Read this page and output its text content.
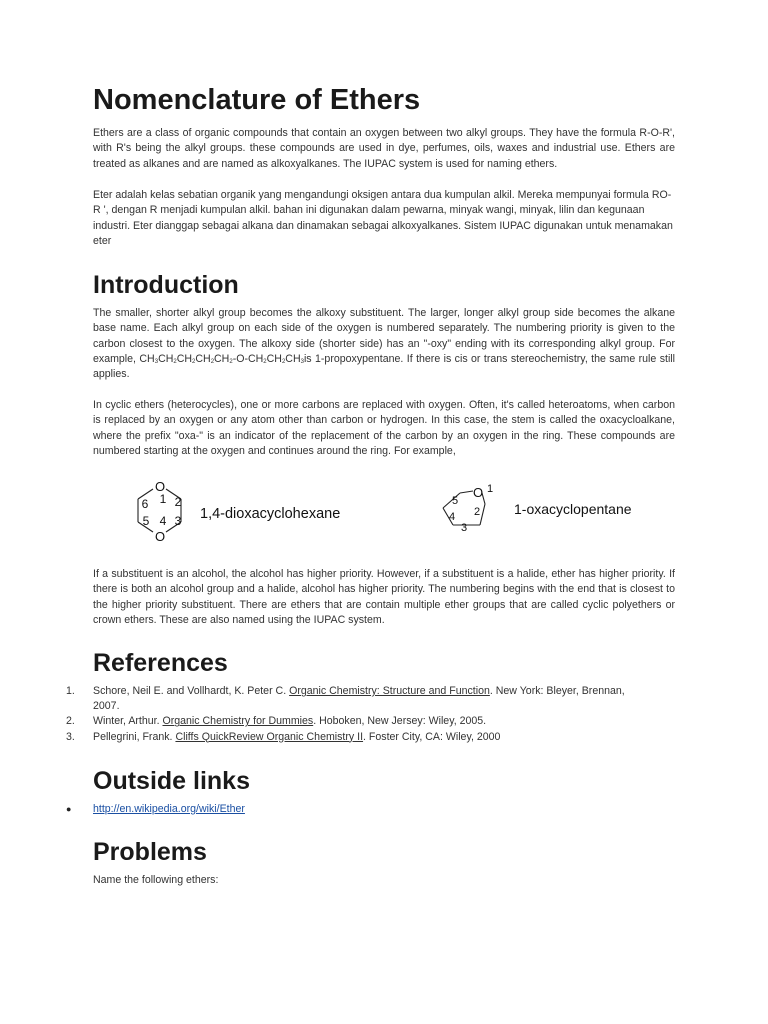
Nomenclature of Ethers

Ethers are a class of organic compounds that contain an oxygen between two alkyl groups. They have the formula R-O-R', with R's being the alkyl groups. these compounds are used in dye, perfumes, oils, waxes and industrial use. Ethers are treated as alkanes and are named as alkoxyalkanes. The IUPAC system is used for naming ethers.

Eter adalah kelas sebatian organik yang mengandungi oksigen antara dua kumpulan alkil. Mereka mempunyai formula RO-R ', dengan R menjadi kumpulan alkil. bahan ini digunakan dalam pewarna, minyak wangi, minyak, lilin dan kegunaan industri. Eter dianggap sebagai alkana dan dinamakan sebagai alkoxyalkanes. Sistem IUPAC digunakan untuk menamakan eter

Introduction

The smaller, shorter alkyl group becomes the alkoxy substituent. The larger, longer alkyl group side becomes the alkane base name. Each alkyl group on each side of the oxygen is numbered separately. The numbering priority is given to the carbon closest to the oxygen. The alkoxy side (shorter side) has an "-oxy" ending with its corresponding alkyl group. For example, $CH_3CH_2CH_2CH_2CH_2-O-CH_2CH_2CH_3is$ 1-propoxypentane. If there is cis or trans stereochemistry, the same rule still applies.

In cyclic ethers (heterocycles), one or more carbons are replaced with oxygen. Often, it's called heteroatoms, when carbon is replaced by an oxygen or any atom other than carbon or hydrogen. In this case, the stem is called the oxacycloalkane, where the prefix "oxa-" is an indicator of the replacement of the carbon by an oxygen in the ring. These compounds are numbered starting at the oxygen and continues around the ring. For example,

O
O
1 2
3
4
5
6
1,4-dioxacyclohexane
O 1
2
3
4
5	1-oxacyclopentane

If a substituent is an alcohol, the alcohol has higher priority. However, if a substituent is a halide, ether has higher priority. If there is both an alcohol group and a halide, alcohol has higher priority. The numbering begins with the end that is closest to the higher priority substituent. There are ethers that are contain multiple ether groups that are called cyclic polyethers or crown ethers. These are also named using the IUPAC system.

References
1. Schore, Neil E. and Vollhardt, K. Peter C. Organic Chemistry: Structure and Function. New York: Bleyer, Brennan, 2007.
2. Winter, Arthur. Organic Chemistry for Dummies. Hoboken, New Jersey: Wiley, 2005.
3. Pellegrini, Frank. Cliffs QuickReview Organic Chemistry II. Foster City, CA: Wiley, 2000
Outside links
● http://en.wikipedia.org/wiki/Ether
Problems

Name the following ethers:
